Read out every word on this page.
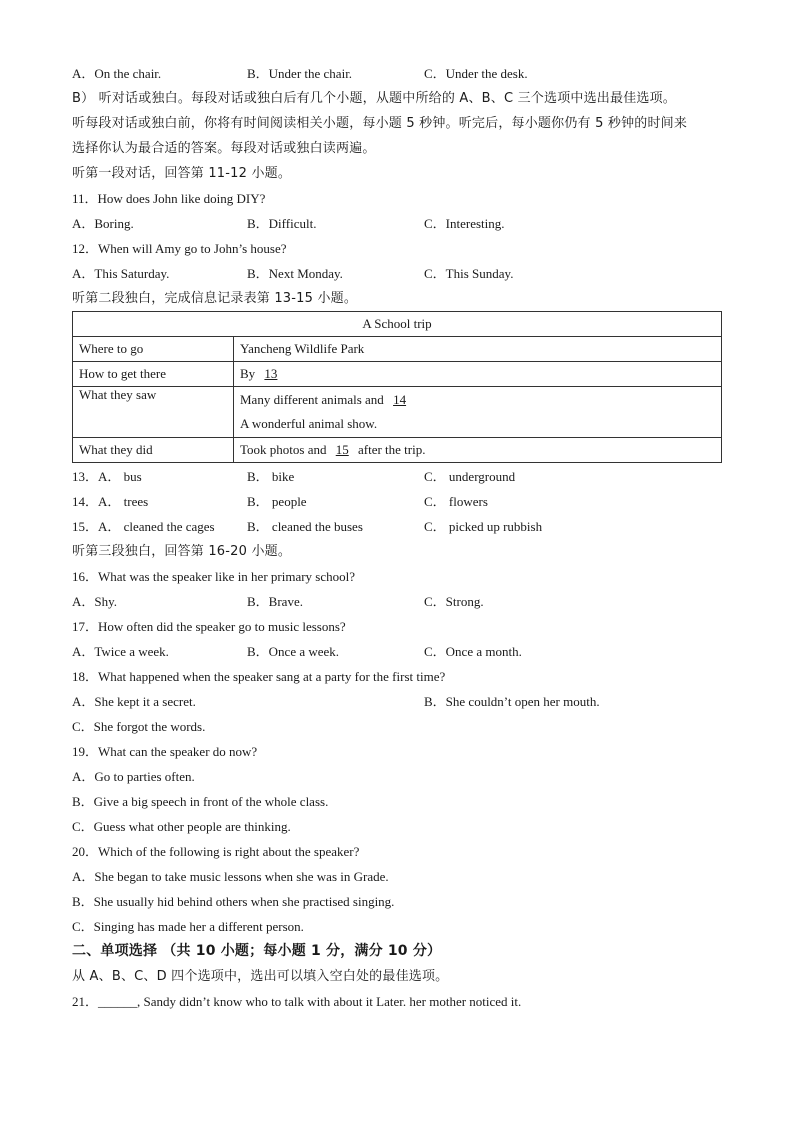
A．On the chair.	B．Under the chair.	C．Under the desk.
B） 听对话或独白。每段对话或独白后有几个小题，从题中所给的 A、B、C 三个选项中选出最佳选项。
听每段对话或独白前，你将有时间阅读相关小题，每小题 5 秒钟。听完后，每小题你仍有 5 秒钟的时间来
选择你认为最合适的答案。每段对话或独白读两遍。
听第一段对话，回答第 11-12 小题。
11．How does John like doing DIY?
A．Boring.	B．Difficult.	C．Interesting.
12．When will Amy go to John’s house?
A．This Saturday.	B．Next Monday.	C．This Sunday.
听第二段独白，完成信息记录表第 13-15 小题。
A School trip	
Where to go	Yancheng Wildlife Park
How to get there	By 13
What they saw	Many different animals and 14
A wonderful animal show.

What they did	Took photos and 15 after the trip.
13．A． bus	B． bike	C． underground
14．A． trees	B． people	C． flowers
15．A． cleaned the cages B． cleaned the buses	C． picked up rubbish
听第三段独白，回答第 16-20 小题。
16．What was the speaker like in her primary school?
A．Shy.	B．Brave.	C．Strong.
17．How often did the speaker go to music lessons?
A．Twice a week.	B．Once a week.	C．Once a month.
18．What happened when the speaker sang at a party for the first time?
A．She kept it a secret.	B．She couldn’t open her mouth.
C．She forgot the words.
19．What can the speaker do now?
A．Go to parties often.
B．Give a big speech in front of the whole class.
C．Guess what other people are thinking.
20．Which of the following is right about the speaker?
A．She began to take music lessons when she was in Grade.
B．She usually hid behind others when she practised singing.
C．Singing has made her a different person.
二、单项选择 （共 10 小题；每小题 1 分，满分 10 分）
从 A、B、C、D 四个选项中，选出可以填入空白处的最佳选项。
21．______, Sandy didn’t know who to talk with about it Later. her mother noticed it.
